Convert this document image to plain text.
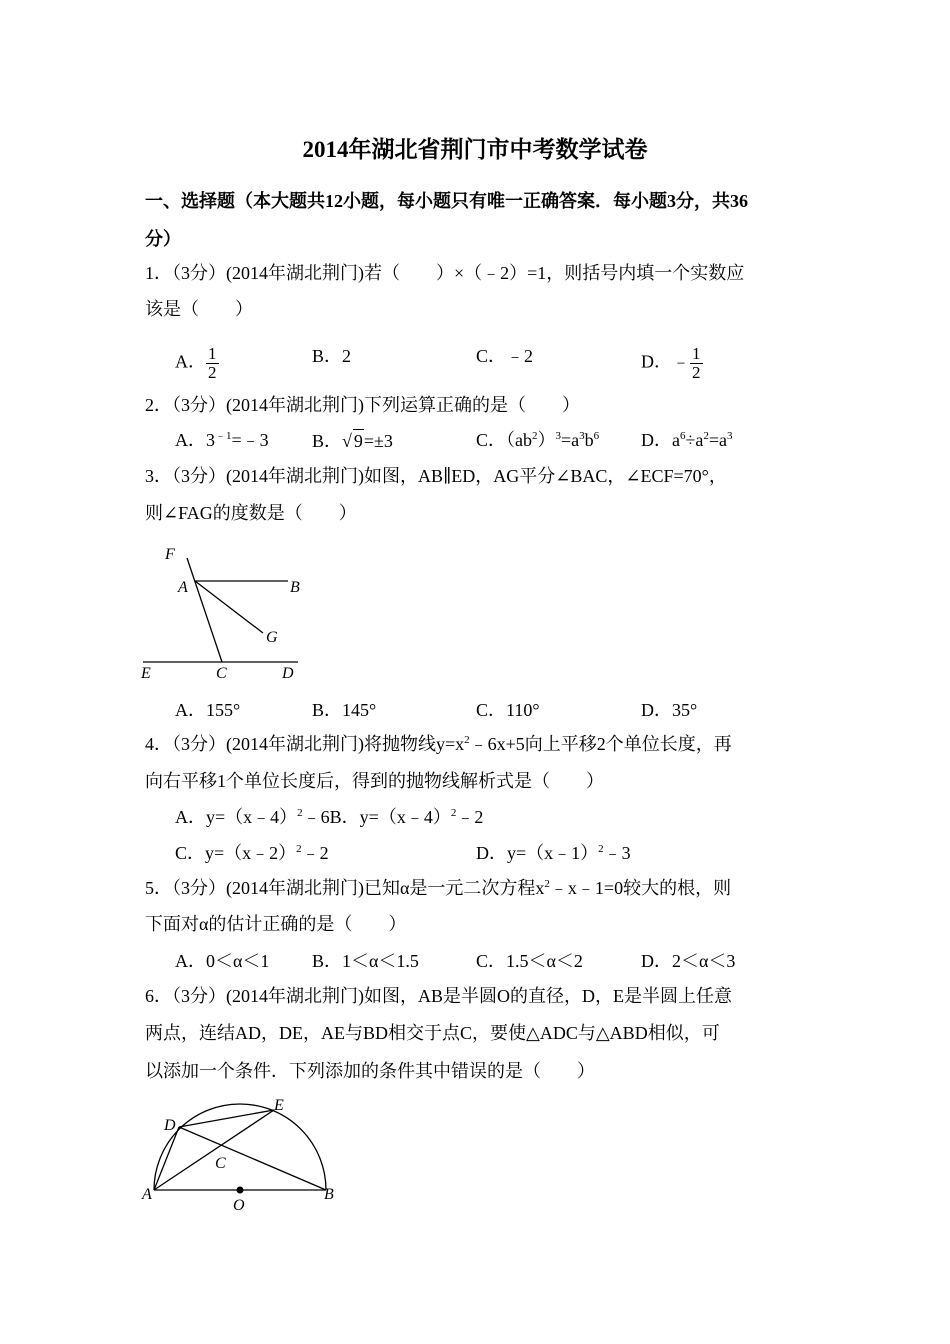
2014年湖北省荆门市中考数学试卷
一、选择题（本大题共12小题，每小题只有唯一正确答案．每小题3分，共36
分）
1．（3分）(2014年湖北荆门)若（　　）×（﹣2）=1，则括号内填一个实数应
该是（　　）
A． $\frac{1}{2}$	B．2	C．﹣2	D．﹣ $\frac{1}{2}$
2．（3分）(2014年湖北荆门)下列运算正确的是（　　）
A．$3^{﹣1}=﹣3$ B．√ 9=±3	C．$(ab^2)^3=a^3b^6$ D．$a^6\div a^2=a^3$
3．（3分）(2014年湖北荆门)如图，AB∥ED，AG平分∠BAC，∠ECF=70°，
则∠FAG的度数是（　　）
F
A	B
G
E	C	D
A．155°	B．145°	C．110°	D．35°
4．（3分）(2014年湖北荆门)将抛物线$y=x^2﹣6x+5$向上平移2个单位长度，再
向右平移1个单位长度后，得到的抛物线解析式是（　　）
A．y=（x﹣4）$^2$﹣6B．y=（x﹣4）$^2$﹣2
C．y=（x﹣2）$^2$﹣2	D．y=（x﹣1）$^2$﹣3
5．（3分）(2014年湖北荆门)已知α是一元二次方程$x^2﹣x﹣1=0$较大的根，则
下面对α的估计正确的是（　　）
A．0＜α＜1 B．1＜α＜1.5	C．1.5＜α＜2	D．2＜α＜3
6．（3分）(2014年湖北荆门)如图，AB是半圆O的直径，D，E是半圆上任意
两点，连结AD，DE，AE与BD相交于点C，要使△ADC与△ABD相似，可
以添加一个条件．下列添加的条件其中错误的是（　　）
D
E
C
A
O
B
